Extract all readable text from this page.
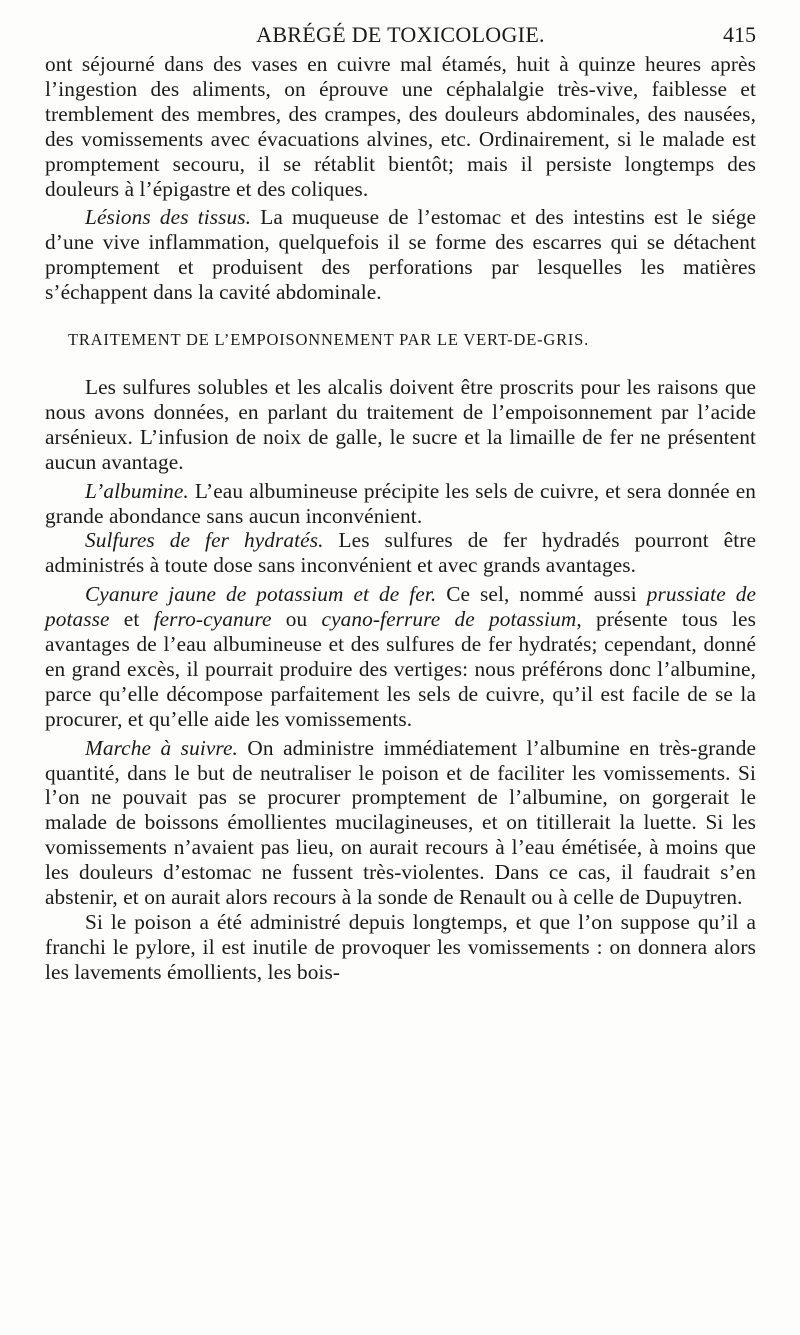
ABRÉGÉ DE TOXICOLOGIE.	415

ont séjourné dans des vases en cuivre mal étamés, huit à quinze heures après l’ingestion des aliments, on éprouve une céphalalgie très-vive, faiblesse et tremblement des membres, des crampes, des douleurs abdominales, des nausées, des vomissements avec évacuations alvines, etc. Ordinairement, si le malade est promptement secouru, il se rétablit bientôt; mais il persiste longtemps des douleurs à l’épigastre et des coliques.

Lésions des tissus. La muqueuse de l’estomac et des intestins est le siége d’une vive inflammation, quelquefois il se forme des escarres qui se détachent promptement et produisent des perforations par lesquelles les matières s’échappent dans la cavité abdominale.

TRAITEMENT DE L’EMPOISONNEMENT PAR LE VERT-DE-GRIS.

Les sulfures solubles et les alcalis doivent être proscrits pour les raisons que nous avons données, en parlant du traitement de l’empoisonnement par l’acide arsénieux. L’infusion de noix de galle, le sucre et la limaille de fer ne présentent aucun avantage.

L’albumine. L’eau albumineuse précipite les sels de cuivre, et sera donnée en grande abondance sans aucun inconvénient.

Sulfures de fer hydratés. Les sulfures de fer hydradés pourront être administrés à toute dose sans inconvénient et avec grands avantages.

Cyanure jaune de potassium et de fer. Ce sel, nommé aussi prussiate de potasse et ferro-cyanure ou cyano-ferrure de potassium, présente tous les avantages de l’eau albumineuse et des sulfures de fer hydratés; cependant, donné en grand excès, il pourrait produire des vertiges: nous préférons donc l’albumine, parce qu’elle décompose parfaitement les sels de cuivre, qu’il est facile de se la procurer, et qu’elle aide les vomissements.

Marche à suivre. On administre immédiatement l’albumine en très-grande quantité, dans le but de neutraliser le poison et de faciliter les vomissements. Si l’on ne pouvait pas se procurer promptement de l’albumine, on gorgerait le malade de boissons émollientes mucilagineuses, et on titillerait la luette. Si les vomissements n’avaient pas lieu, on aurait recours à l’eau émétisée, à moins que les douleurs d’estomac ne fussent très-violentes. Dans ce cas, il faudrait s’en abstenir, et on aurait alors recours à la sonde de Renault ou à celle de Dupuytren.

Si le poison a été administré depuis longtemps, et que l’on suppose qu’il a franchi le pylore, il est inutile de provoquer les vomissements : on donnera alors les lavements émollients, les bois-
